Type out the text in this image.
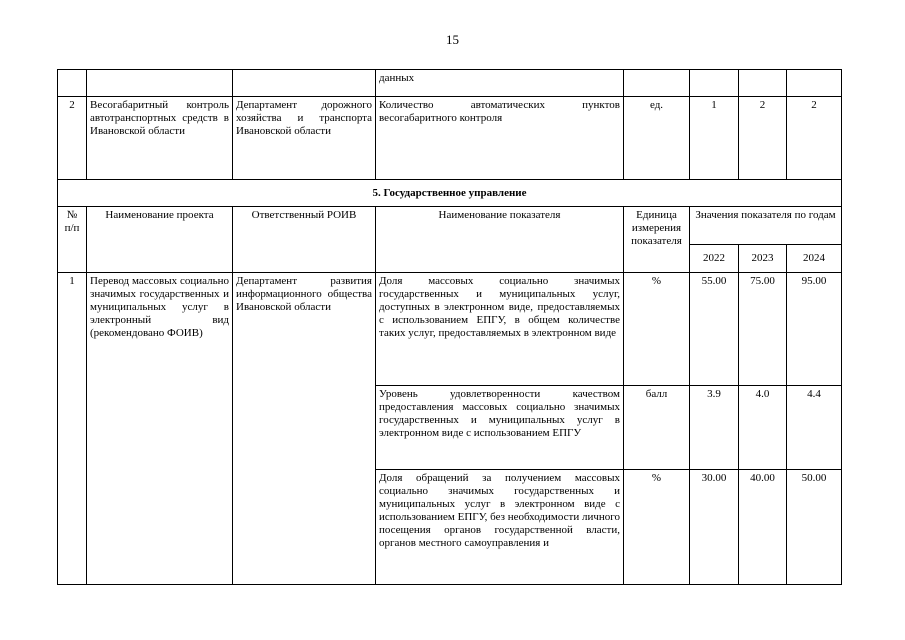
15
			данных				
2	Весогабаритный контроль автотранспортных средств в Ивановской области	Департамент дорожного хозяйства и транспорта Ивановской области	Количество автоматических пунктов весогабаритного контроля	ед.	1	2	2
5. Государственное управление							
№ п/п	Наименование проекта	Ответственный РОИВ	Наименование показателя	Единица измерения показателя	Значения показателя по годам		
					2022	2023	2024
1	Перевод массовых социально значимых государственных и муниципальных услуг в электронный вид (рекомендовано ФОИВ)	Департамент развития информационного общества Ивановской области	Доля массовых социально значимых государственных и муниципальных услуг, доступных в электронном виде, предоставляемых с использованием ЕПГУ, в общем количестве таких услуг, предоставляемых в электронном виде	%	55.00	75.00	95.00
			Уровень удовлетворенности качеством предоставления массовых социально значимых государственных и муниципальных услуг в электронном виде с использованием ЕПГУ	балл	3.9	4.0	4.4
			Доля обращений за получением массовых социально значимых государственных и муниципальных услуг в электронном виде с использованием ЕПГУ, без необходимости личного посещения органов государственной власти, органов местного самоуправления и	%	30.00	40.00	50.00
